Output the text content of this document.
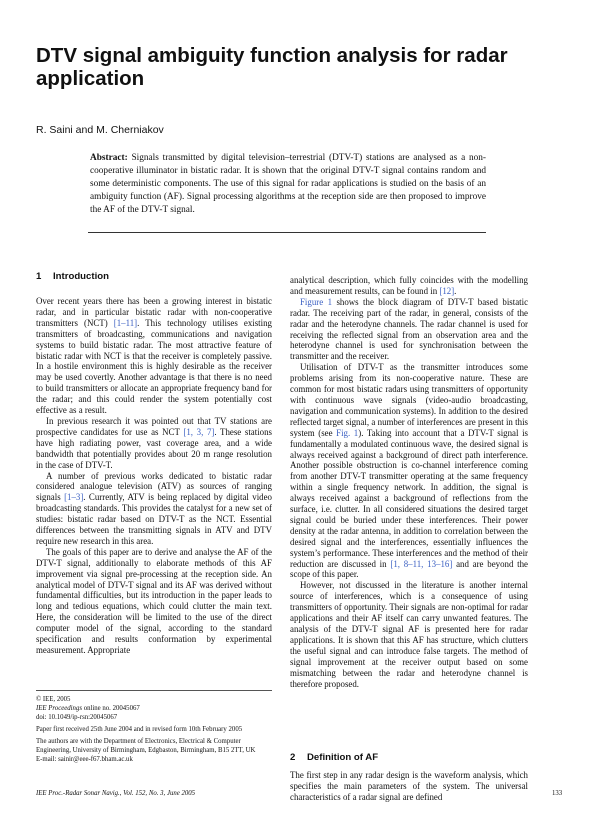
DTV signal ambiguity function analysis for radar application
R. Saini and M. Cherniakov
Abstract: Signals transmitted by digital television–terrestrial (DTV-T) stations are analysed as a non-cooperative illuminator in bistatic radar. It is shown that the original DTV-T signal contains random and some deterministic components. The use of this signal for radar applications is studied on the basis of an ambiguity function (AF). Signal processing algorithms at the reception side are then proposed to improve the AF of the DTV-T signal.
1 Introduction

Over recent years there has been a growing interest in bistatic radar, and in particular bistatic radar with non-cooperative transmitters (NCT) [1–11]. This technology utilises existing transmitters of broadcasting, communications and navigation systems to build bistatic radar. The most attractive feature of bistatic radar with NCT is that the receiver is completely passive. In a hostile environment this is highly desirable as the receiver may be used covertly. Another advantage is that there is no need to build transmitters or allocate an appropriate frequency band for the radar; and this could render the system potentially cost effective as a result.

In previous research it was pointed out that TV stations are prospective candidates for use as NCT [1, 3, 7]. These stations have high radiating power, vast coverage area, and a wide bandwidth that potentially provides about 20 m range resolution in the case of DTV-T.

A number of previous works dedicated to bistatic radar considered analogue television (ATV) as sources of ranging signals [1–3]. Currently, ATV is being replaced by digital video broadcasting standards. This provides the catalyst for a new set of studies: bistatic radar based on DTV-T as the NCT. Essential differences between the transmitting signals in ATV and DTV require new research in this area.

The goals of this paper are to derive and analyse the AF of the DTV-T signal, additionally to elaborate methods of this AF improvement via signal pre-processing at the reception side. An analytical model of DTV-T signal and its AF was derived without fundamental difficulties, but its introduction in the paper leads to long and tedious equations, which could clutter the main text. Here, the consideration will be limited to the use of the direct computer model of the signal, according to the standard specification and results conformation by experimental measurement. Appropriate

analytical description, which fully coincides with the modelling and measurement results, can be found in [12].

Figure 1 shows the block diagram of DTV-T based bistatic radar. The receiving part of the radar, in general, consists of the radar and the heterodyne channels. The radar channel is used for receiving the reflected signal from an observation area and the heterodyne channel is used for synchronisation between the transmitter and the receiver.

Utilisation of DTV-T as the transmitter introduces some problems arising from its non-cooperative nature. These are common for most bistatic radars using transmitters of opportunity with continuous wave signals (video-audio broadcasting, navigation and communication systems). In addition to the desired reflected target signal, a number of interferences are present in this system (see Fig. 1). Taking into account that a DTV-T signal is fundamentally a modulated continuous wave, the desired signal is always received against a background of direct path interference. Another possible obstruction is co-channel interference coming from another DTV-T transmitter operating at the same frequency within a single frequency network. In addition, the signal is always received against a background of reflections from the surface, i.e. clutter. In all considered situations the desired target signal could be buried under these interferences. Their power density at the radar antenna, in addition to correlation between the desired signal and the interferences, essentially influences the system’s performance. These interferences and the method of their reduction are discussed in [1, 8–11, 13–16] and are beyond the scope of this paper.

However, not discussed in the literature is another internal source of interferences, which is a consequence of using transmitters of opportunity. Their signals are non-optimal for radar applications and their AF itself can carry unwanted features. The analysis of the DTV-T signal AF is presented here for radar applications. It is shown that this AF has structure, which clutters the useful signal and can introduce false targets. The method of signal improvement at the receiver output based on some mismatching between the radar and heterodyne channel is therefore proposed.

2 Definition of AF

The first step in any radar design is the waveform analysis, which specifies the main parameters of the system. The universal characteristics of a radar signal are defined

© IEE, 2005
IEE Proceedings online no. 20045067
doi: 10.1049/ip-rsn:20045067
Paper first received 25th June 2004 and in revised form 10th February 2005
The authors are with the Department of Electronics, Electrical & Computer Engineering, University of Birmingham, Edgbaston, Birmingham, B15 2TT, UK
E-mail: sainir@eee-f67.bham.ac.uk
IEE Proc.-Radar Sonar Navig., Vol. 152, No. 3, June 2005	133
